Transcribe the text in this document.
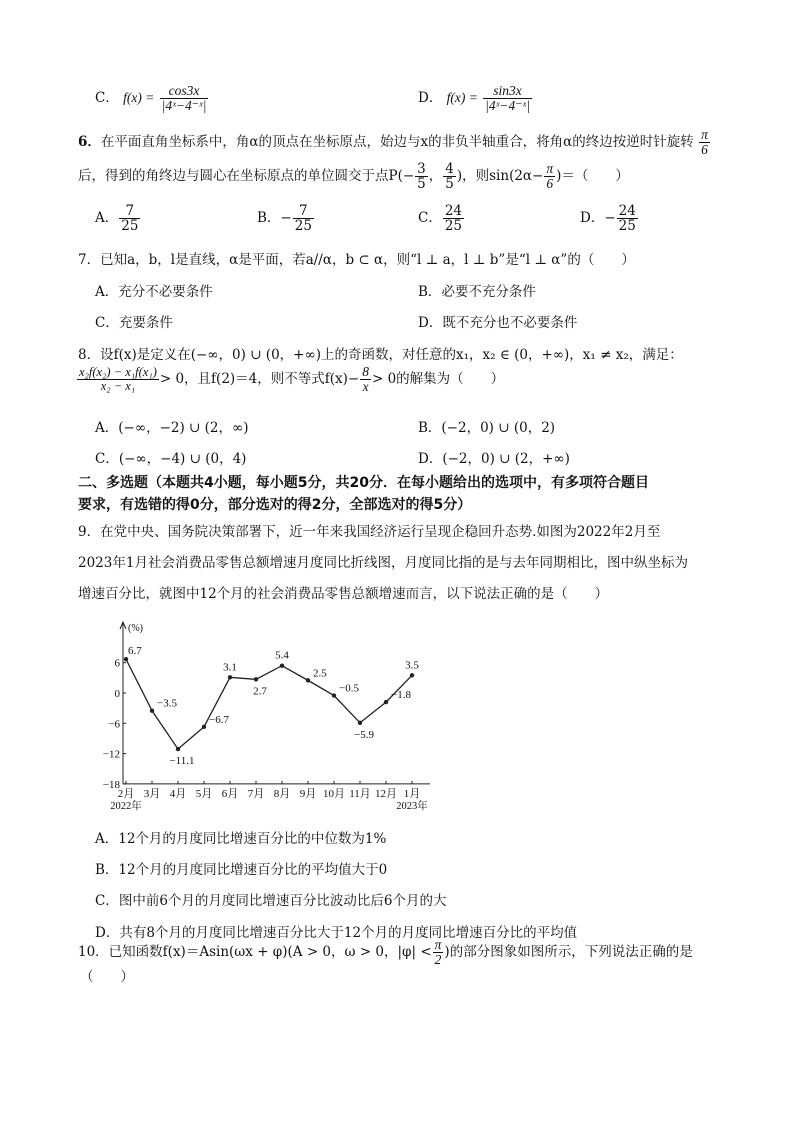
C． $f(x) = \frac{\cos 3x}{\text{|4ˣ−4⁻ˣ|}}$	D． $f(x) = \frac{\sin 3x}{\text{|4ˣ−4⁻ˣ|}}$
6．在平面直角坐标系中，角α的顶点在坐标原点，始边与x的非负半轴重合，将角α的终边按逆时针旋转 $\frac{\pi}{6}$
后，得到的角终边与圆心在坐标原点的单位圆交于点$P(- \frac{3}{5}$ ， $\frac{4}{5}$ )，则$\sin(2\alpha- \frac{\pi}{6}$ )＝（　　）
A． $\frac{7}{25}$	B．− $\frac{7}{25}$	C． $\frac{24}{25}$	D．− $\frac{24}{25}$
7．已知a，b，l是直线，α是平面，若a//α，b ⊂ α，则“l ⊥ a，l ⊥ b”是“l ⊥ α”的（　　）
A．充分不必要条件	B．必要不充分条件
C．充要条件	D．既不充分也不必要条件
8．设f(x)是定义在(−∞，0) ∪ (0，+∞)上的奇函数，对任意的x₁，x₂ ∈ (0，+∞)，x₁ ≠ x₂，满足：
$\frac{\text{x₂f(x₂) − x₁f(x₁)}}{\text{x₂ − x₁}} > 0$，且f(2)＝4，则不等式$f(x)- \frac{8}{x} > 0$的解集为（　　）
A．(−∞，−2) ∪ (2，∞)	B．(−2，0) ∪ (0，2)
C．(−∞，−4) ∪ (0，4)	D．(−2，0) ∪ (2，+∞)
二、多选题（本题共4小题，每小题5分，共20分．在每小题给出的选项中，有多项符合题目
要求，有选错的得0分，部分选对的得2分，全部选对的得5分）
9．在党中央、国务院决策部署下，近一年来我国经济运行呈现企稳回升态势.如图为2022年2月至
2023年1月社会消费品零售总额增速月度同比折线图，月度同比指的是与去年同期相比，图中纵坐标为
增速百分比，就图中12个月的社会消费品零售总额增速而言，以下说法正确的是（　　）
(%)
6
0
−6
−12
−18
2月 3月 4月 5月 6月 7月 8月 9月 10月 11月 12月 1月
2022年	2023年
6.7
−3.5
−11.1
−6.7
3.1
2.7
5.4
2.5
−0.5
−5.9
−1.8
3.5
A．12个月的月度同比增速百分比的中位数为1%
B．12个月的月度同比增速百分比的平均值大于0
C．图中前6个月的月度同比增速百分比波动比后6个月的大
D．共有8个月的月度同比增速百分比大于12个月的月度同比增速百分比的平均值
10．已知函数f(x)＝Asin(ωx + φ)(A > 0，ω > 0，$|\varphi| < \frac{\pi}{2}$ )的部分图象如图所示，下列说法正确的是
（　　）
